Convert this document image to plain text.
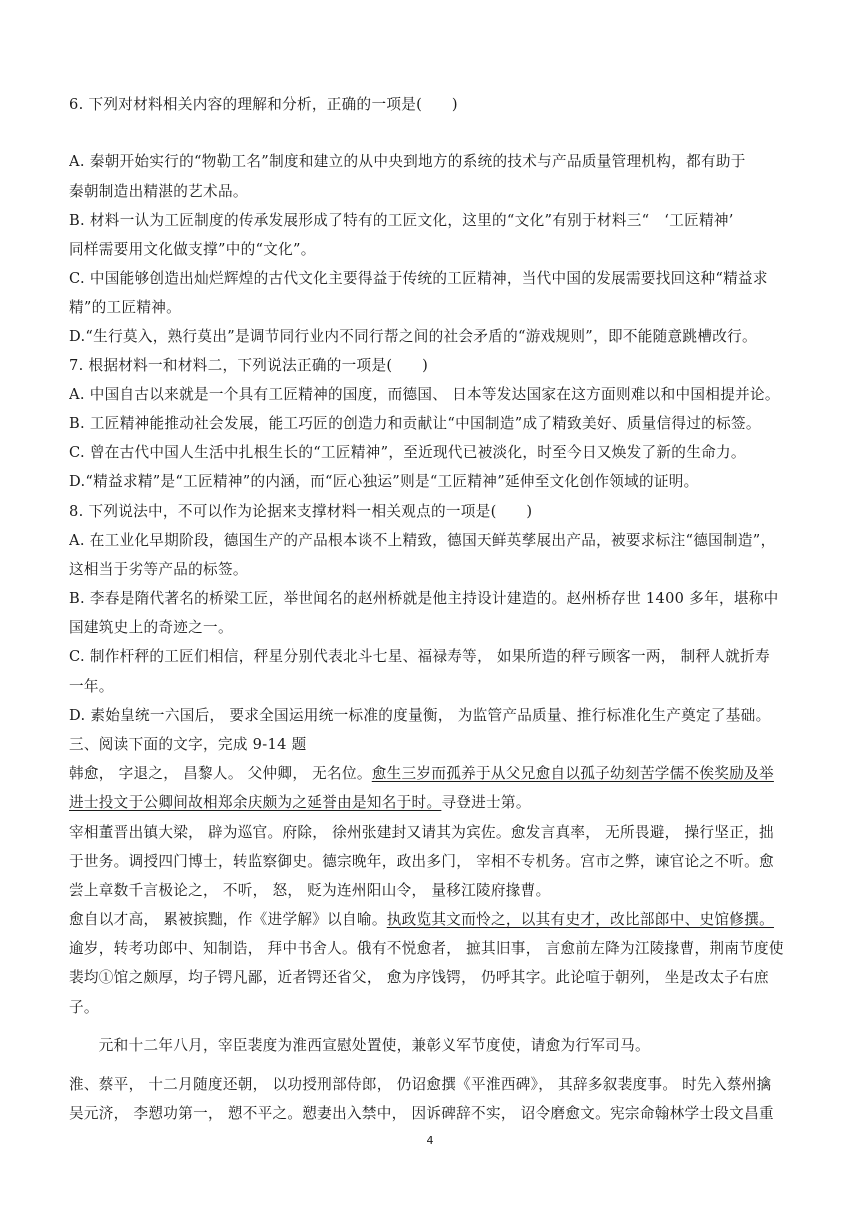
6. 下列对材料相关内容的理解和分析，正确的一项是(　　)
A. 秦朝开始实行的“物勒工名”制度和建立的从中央到地方的系统的技术与产品质量管理机构，都有助于
秦朝制造出精湛的艺术品。
B. 材料一认为工匠制度的传承发展形成了特有的工匠文化，这里的“文化”有别于材料三“　‘工匠精神’
同样需要用文化做支撑”中的“文化”。
C. 中国能够创造出灿烂辉煌的古代文化主要得益于传统的工匠精神，当代中国的发展需要找回这种“精益求
精”的工匠精神。
D.“生行莫入，熟行莫出”是调节同行业内不同行帮之间的社会矛盾的“游戏规则”，即不能随意跳槽改行。
7. 根据材料一和材料二，下列说法正确的一项是(　　)
A. 中国自古以来就是一个具有工匠精神的国度，而德国、 日本等发达国家在这方面则难以和中国相提并论。
B. 工匠精神能推动社会发展，能工巧匠的创造力和贡献让“中国制造”成了精致美好、质量信得过的标签。
C. 曾在古代中国人生活中扎根生长的“工匠精神”，至近现代已被淡化，时至今日又焕发了新的生命力。
D.“精益求精”是“工匠精神”的内涵，而“匠心独运”则是“工匠精神”延伸至文化创作领域的证明。
8. 下列说法中，不可以作为论据来支撑材料一相关观点的一项是(　　)
A. 在工业化早期阶段，德国生产的产品根本谈不上精致，德国天鲜英孳展出产品，被要求标注“德国制造”，
这相当于劣等产品的标签。
B. 李春是隋代著名的桥梁工匠，举世闻名的赵州桥就是他主持设计建造的。赵州桥存世 1400 多年，堪称中
国建筑史上的奇迹之一。
C. 制作杆秤的工匠们相信，秤星分别代表北斗七星、福禄寿等， 如果所造的秤亏顾客一两， 制秤人就折寿
一年。
D. 素始皇统一六国后， 要求全国运用统一标准的度量衡， 为监管产品质量、推行标准化生产奠定了基础。
三、阅读下面的文字，完成 9-14 题
韩愈， 字退之， 昌黎人。 父仲卿， 无名位。愈生三岁而孤养于从父兄愈自以孤子幼刻苦学儒不俟奖励及举
进士投文于公卿间故相郑余庆颇为之延誉由是知名于时。寻登进士第。
宰相董晋出镇大梁， 辟为巡官。府除， 徐州张建封又请其为宾佐。愈发言真率， 无所畏避， 操行坚正，拙
于世务。调授四门博士，转监察御史。德宗晚年，政出多门， 宰相不专机务。宫市之弊，谏官论之不听。愈
尝上章数千言极论之， 不听， 怒， 贬为连州阳山令， 量移江陵府掾曹。
愈自以才高， 累被摈黜，作《进学解》以自喻。执政览其文而怜之，以其有史才，改比部郎中、史馆修撰。
逾岁，转考功郎中、知制诰， 拜中书舍人。俄有不悦愈者， 摭其旧事， 言愈前左降为江陵掾曹，荆南节度使
裴均①馆之颇厚，均子锷凡鄙，近者锷还省父， 愈为序饯锷， 仍呼其字。此论喧于朝列， 坐是改太子右庶
子。
　　元和十二年八月，宰臣裴度为淮西宣慰处置使，兼彰义军节度使，请愈为行军司马。
淮、蔡平， 十二月随度还朝， 以功授刑部侍郎， 仍诏愈撰《平淮西碑》， 其辞多叙裴度事。 时先入蔡州擒
吴元济， 李愬功第一， 愬不平之。愬妻出入禁中， 因诉碑辞不实， 诏令磨愈文。宪宗命翰林学士段文昌重
4
